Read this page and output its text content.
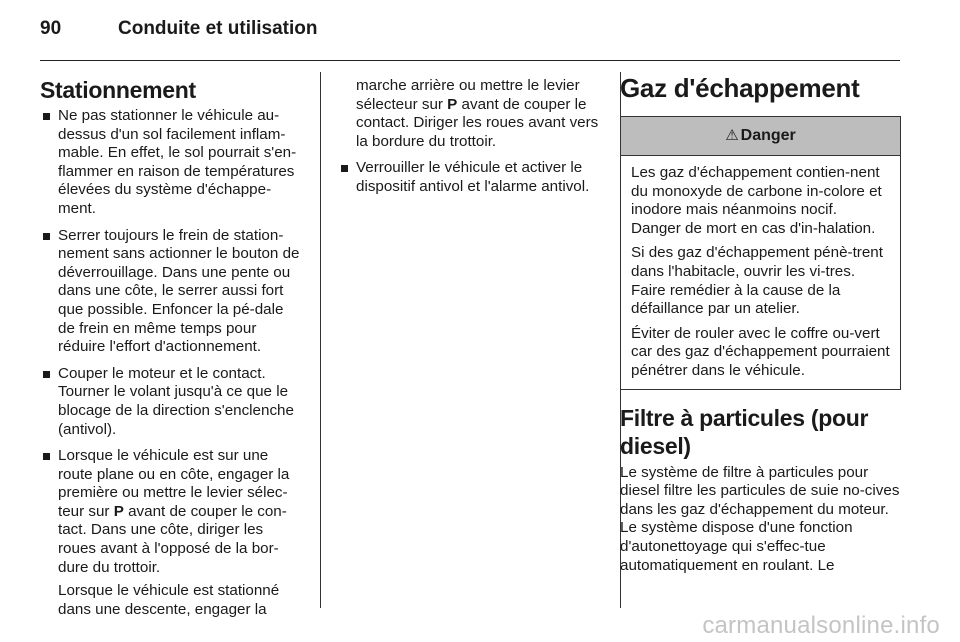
90	Conduite et utilisation
Stationnement

Ne pas stationner le véhicule au-dessus d'un sol facilement inflam-mable. En effet, le sol pourrait s'en-flammer en raison de températures élevées du système d'échappe-ment.

Serrer toujours le frein de station-nement sans actionner le bouton de déverrouillage. Dans une pente ou dans une côte, le serrer aussi fort que possible. Enfoncer la pé-dale de frein en même temps pour réduire l'effort d'actionnement.

Couper le moteur et le contact. Tourner le volant jusqu'à ce que le blocage de la direction s'enclenche (antivol).

Lorsque le véhicule est sur une route plane ou en côte, engager la première ou mettre le levier sélec-teur sur P avant de couper le con-tact. Dans une côte, diriger les roues avant à l'opposé de la bor-dure du trottoir.

Lorsque le véhicule est stationné dans une descente, engager la

marche arrière ou mettre le levier sélecteur sur P avant de couper le contact. Diriger les roues avant vers la bordure du trottoir.

Verrouiller le véhicule et activer le dispositif antivol et l'alarme antivol.

Gaz d'échappement
⚠ Danger

Les gaz d'échappement contien-nent du monoxyde de carbone in-colore et inodore mais néanmoins nocif. Danger de mort en cas d'in-halation.

Si des gaz d'échappement pénè-trent dans l'habitacle, ouvrir les vi-tres. Faire remédier à la cause de la défaillance par un atelier.

Éviter de rouler avec le coffre ou-vert car des gaz d'échappement pourraient pénétrer dans le véhicule.

Filtre à particules (pour diesel)

Le système de filtre à particules pour diesel filtre les particules de suie no-cives dans les gaz d'échappement du moteur. Le système dispose d'une fonction d'autonettoyage qui s'effec-tue automatiquement en roulant. Le

carmanualsonline.info
